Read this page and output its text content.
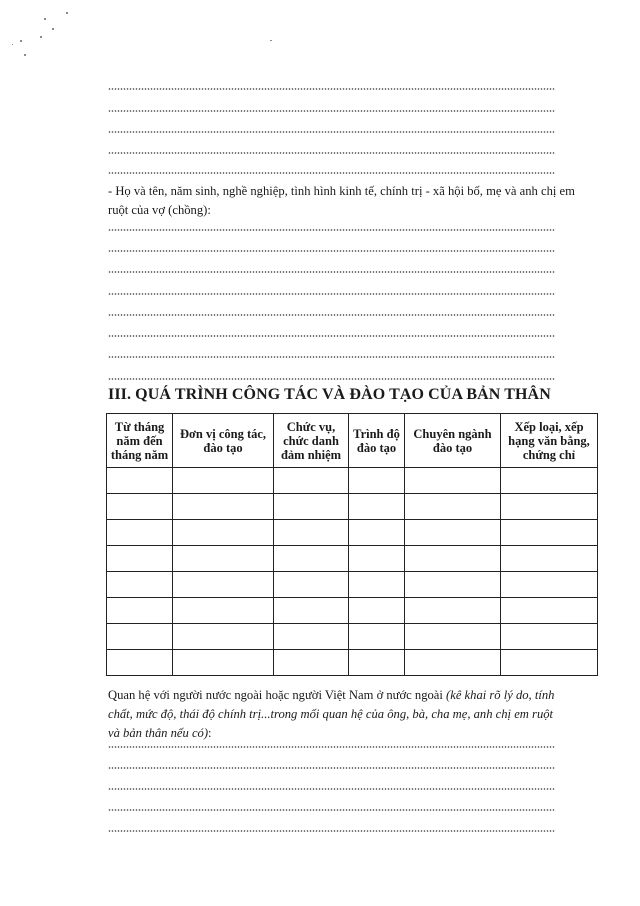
- Họ và tên, năm sinh, nghề nghiệp, tình hình kinh tế, chính trị - xã hội bố, mẹ và anh chị em
ruột của vợ (chồng):
III. QUÁ TRÌNH CÔNG TÁC VÀ ĐÀO TẠO CỦA BẢN THÂN
Từ tháng năm đến tháng năm	Đơn vị công tác, đào tạo	Chức vụ, chức danh đảm nhiệm	Trình độ đào tạo	Chuyên ngành đào tạo	Xếp loại, xếp hạng văn bằng, chứng chỉ

Quan hệ với người nước ngoài hoặc người Việt Nam ở nước ngoài (kê khai rõ lý do, tính chất, mức độ, thái độ chính trị...trong mối quan hệ của ông, bà, cha mẹ, anh chị em ruột và bản thân nếu có):
